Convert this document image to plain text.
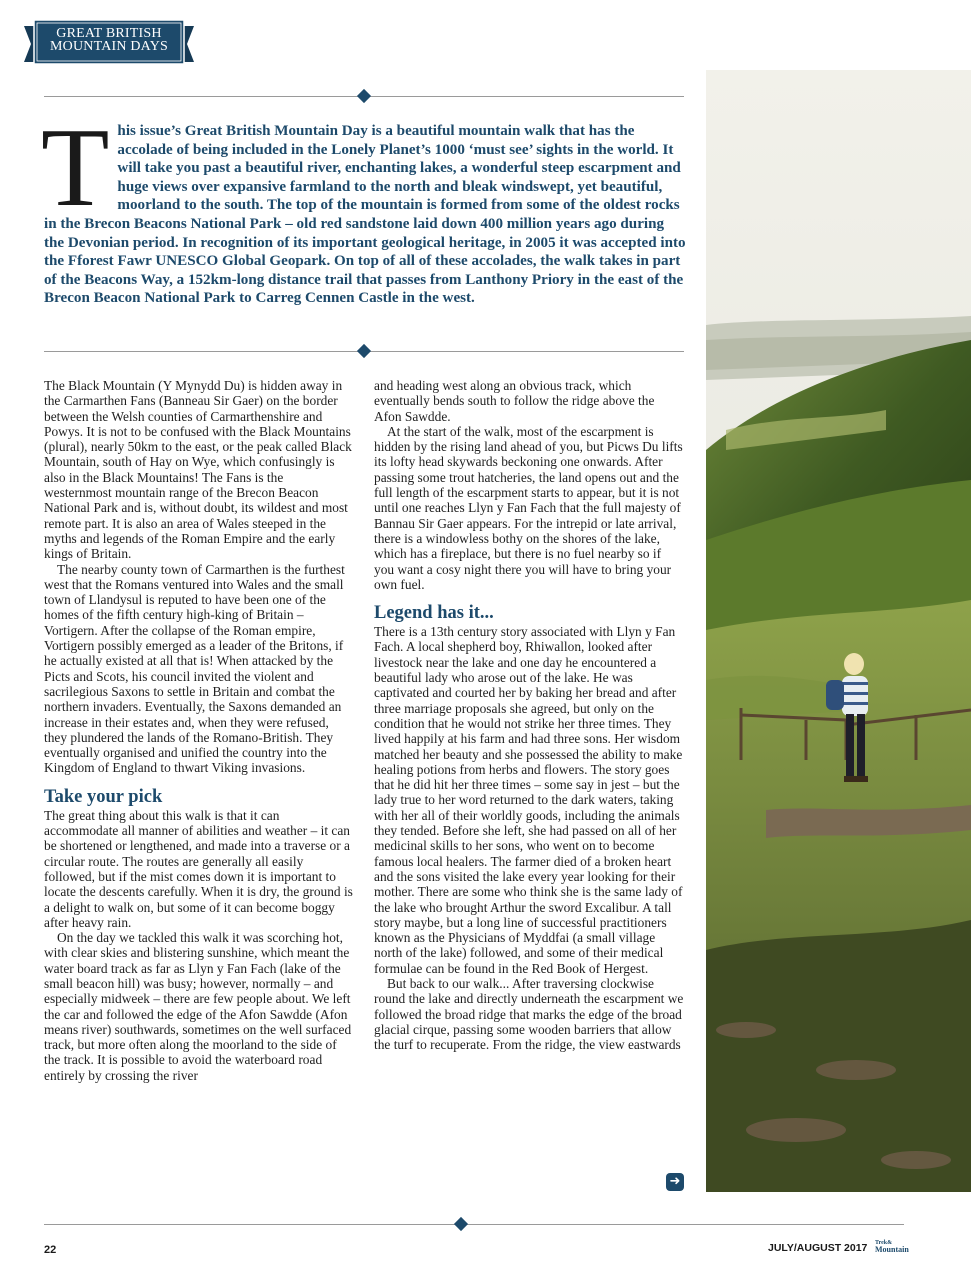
GREAT BRITISH
MOUNTAIN DAYS
T his issue’s Great British Mountain Day is a beautiful mountain walk that has the accolade of being included in the Lonely Planet’s 1000 ‘must see’ sights in the world. It will take you past a beautiful river, enchanting lakes, a wonderful steep escarpment and huge views over expansive farmland to the north and bleak windswept, yet beautiful, moorland to the south. The top of the mountain is formed from some of the oldest rocks in the Brecon Beacons National Park – old red sandstone laid down 400 million years ago during the Devonian period. In recognition of its important geological heritage, in 2005 it was accepted into the Fforest Fawr UNESCO Global Geopark. On top of all of these accolades, the walk takes in part of the Beacons Way, a 152km-long distance trail that passes from Lanthony Priory in the east of the Brecon Beacon National Park to Carreg Cennen Castle in the west.

The Black Mountain (Y Mynydd Du) is hidden away in the Carmarthen Fans (Banneau Sir Gaer) on the border between the Welsh counties of Carmarthenshire and Powys. It is not to be confused with the Black Mountains (plural), nearly 50km to the east, or the peak called Black Mountain, south of Hay on Wye, which confusingly is also in the Black Mountains! The Fans is the westernmost mountain range of the Brecon Beacon National Park and is, without doubt, its wildest and most remote part. It is also an area of Wales steeped in the myths and legends of the Roman Empire and the early kings of Britain.

The nearby county town of Carmarthen is the furthest west that the Romans ventured into Wales and the small town of Llandysul is reputed to have been one of the homes of the fifth century high-king of Britain – Vortigern. After the collapse of the Roman empire, Vortigern possibly emerged as a leader of the Britons, if he actually existed at all that is! When attacked by the Picts and Scots, his council invited the violent and sacrilegious Saxons to settle in Britain and combat the northern invaders. Eventually, the Saxons demanded an increase in their estates and, when they were refused, they plundered the lands of the Romano-British. They eventually organised and unified the country into the Kingdom of England to thwart Viking invasions.

Take your pick

The great thing about this walk is that it can accommodate all manner of abilities and weather – it can be shortened or lengthened, and made into a traverse or a circular route. The routes are generally all easily followed, but if the mist comes down it is important to locate the descents carefully. When it is dry, the ground is a delight to walk on, but some of it can become boggy after heavy rain.

On the day we tackled this walk it was scorching hot, with clear skies and blistering sunshine, which meant the water board track as far as Llyn y Fan Fach (lake of the small beacon hill) was busy; however, normally – and especially midweek – there are few people about. We left the car and followed the edge of the Afon Sawdde (Afon means river) southwards, sometimes on the well surfaced track, but more often along the moorland to the side of the track. It is possible to avoid the waterboard road entirely by crossing the river

and heading west along an obvious track, which eventually bends south to follow the ridge above the Afon Sawdde.

At the start of the walk, most of the escarpment is hidden by the rising land ahead of you, but Picws Du lifts its lofty head skywards beckoning one onwards. After passing some trout hatcheries, the land opens out and the full length of the escarpment starts to appear, but it is not until one reaches Llyn y Fan Fach that the full majesty of Bannau Sir Gaer appears. For the intrepid or late arrival, there is a windowless bothy on the shores of the lake, which has a fireplace, but there is no fuel nearby so if you want a cosy night there you will have to bring your own fuel.

Legend has it...

There is a 13th century story associated with Llyn y Fan Fach. A local shepherd boy, Rhiwallon, looked after livestock near the lake and one day he encountered a beautiful lady who arose out of the lake. He was captivated and courted her by baking her bread and after three marriage proposals she agreed, but only on the condition that he would not strike her three times. They lived happily at his farm and had three sons. Her wisdom matched her beauty and she possessed the ability to make healing potions from herbs and flowers. The story goes that he did hit her three times – some say in jest – but the lady true to her word returned to the dark waters, taking with her all of their worldly goods, including the animals they tended. Before she left, she had passed on all of her medicinal skills to her sons, who went on to become famous local healers. The farmer died of a broken heart and the sons visited the lake every year looking for their mother. There are some who think she is the same lady of the lake who brought Arthur the sword Excalibur. A tall story maybe, but a long line of successful practitioners known as the Physicians of Myddfai (a small village north of the lake) followed, and some of their medical formulae can be found in the Red Book of Hergest.

But back to our walk... After traversing clockwise round the lake and directly underneath the escarpment we followed the broad ridge that marks the edge of the broad glacial cirque, passing some wooden barriers that allow the turf to recuperate. From the ridge, the view eastwards

➜
22	JULY/AUGUST 2017 Trek&
Mountain
